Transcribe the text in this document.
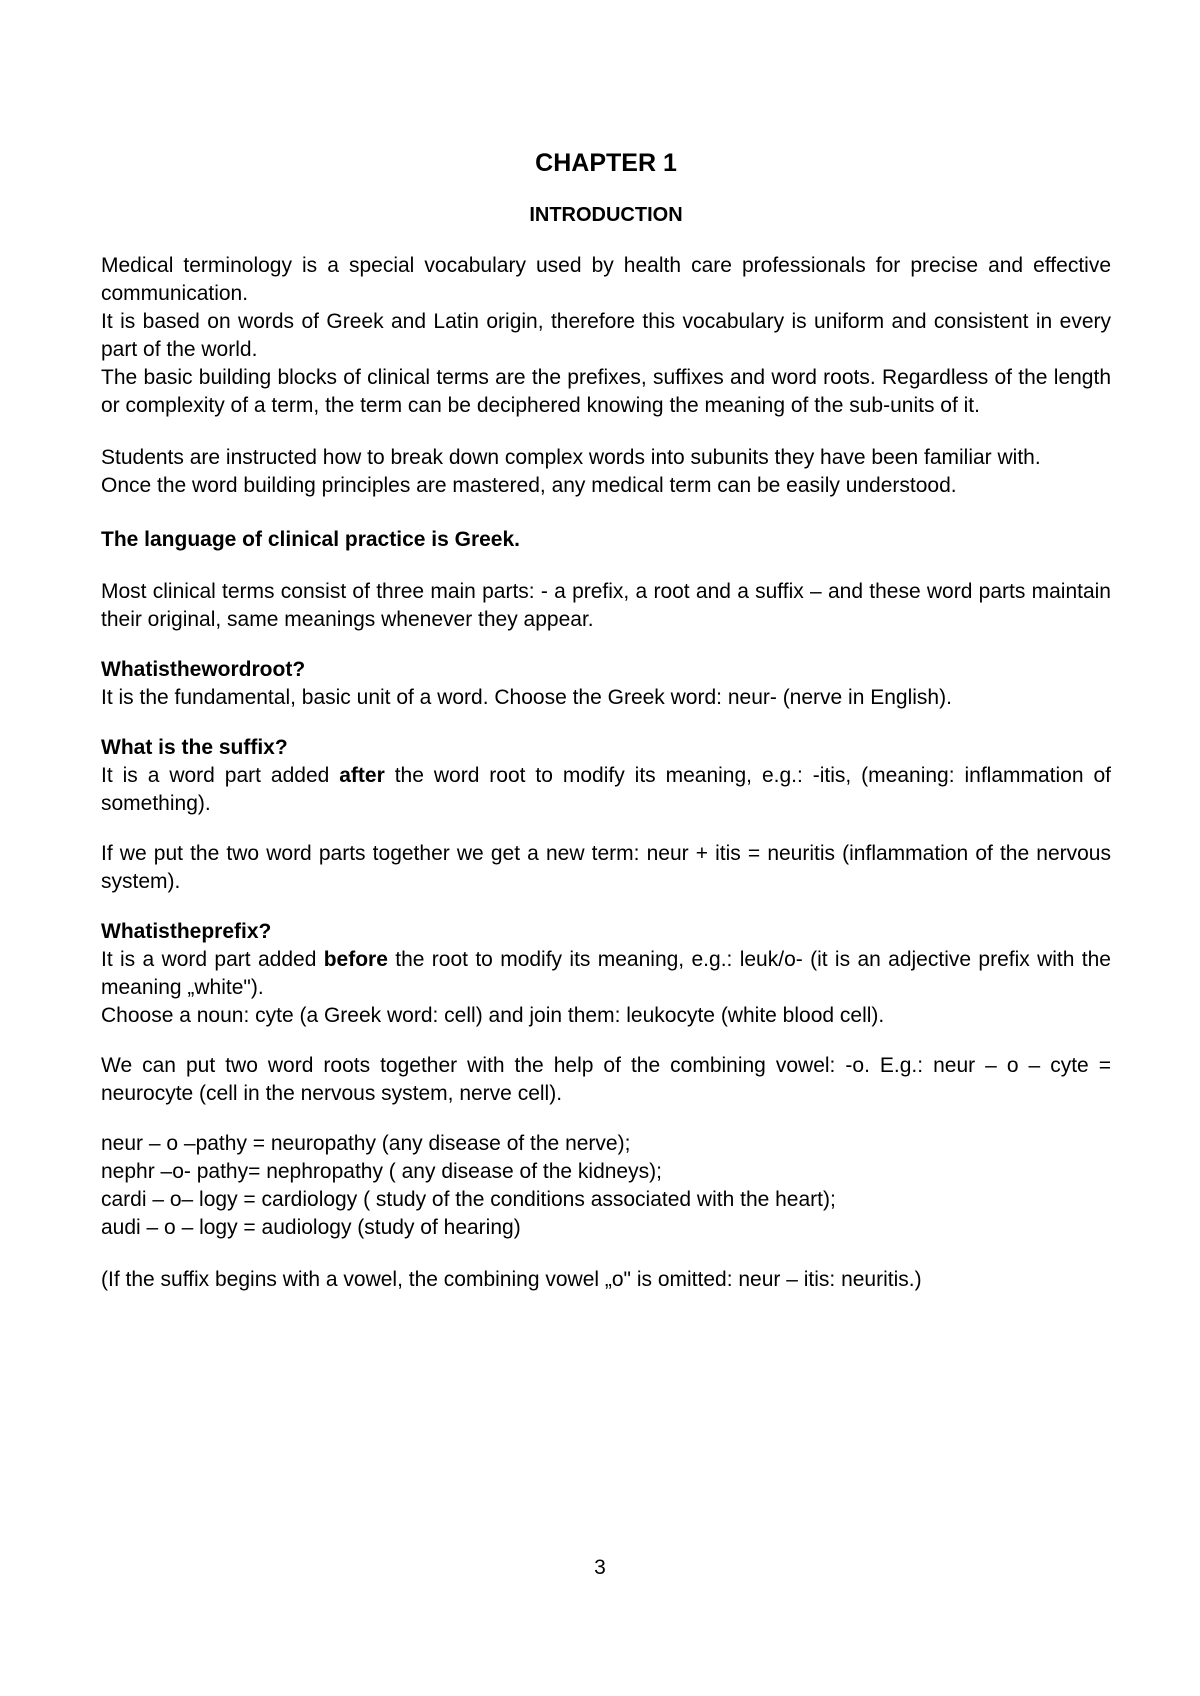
CHAPTER 1
INTRODUCTION

Medical terminology is a special vocabulary used by health care professionals for precise and effective communication.

It is based on words of Greek and Latin origin, therefore this vocabulary is uniform and consistent in every part of the world.

The basic building blocks of clinical terms are the prefixes, suffixes and word roots. Regardless of the length or complexity of a term, the term can be deciphered knowing the meaning of the sub-units of it.

Students are instructed how to break down complex words into subunits they have been familiar with.

Once the word building principles are mastered, any medical term can be easily understood.

The language of clinical practice is Greek.

Most clinical terms consist of three main parts: - a prefix, a root and a suffix – and these word parts maintain their original, same meanings whenever they appear.

Whatisthewordroot?

It is the fundamental, basic unit of a word. Choose the Greek word: neur- (nerve in English).

What is the suffix?

It is a word part added after the word root to modify its meaning, e.g.: -itis, (meaning: inflammation of something).

If we put the two word parts together we get a new term: neur + itis = neuritis (inflammation of the nervous system).

Whatistheprefix?

It is a word part added before the root to modify its meaning, e.g.: leuk/o- (it is an adjective prefix with the meaning „white").

Choose a noun: cyte (a Greek word: cell) and join them: leukocyte (white blood cell).

We can put two word roots together with the help of the combining vowel: -o. E.g.: neur – o – cyte = neurocyte (cell in the nervous system, nerve cell).

neur – o –pathy = neuropathy (any disease of the nerve);

nephr –o- pathy= nephropathy ( any disease of the kidneys);

cardi – o– logy = cardiology ( study of the conditions associated with the heart);

audi – o – logy = audiology (study of hearing)

(If the suffix begins with a vowel, the combining vowel „o" is omitted: neur – itis: neuritis.)

3
